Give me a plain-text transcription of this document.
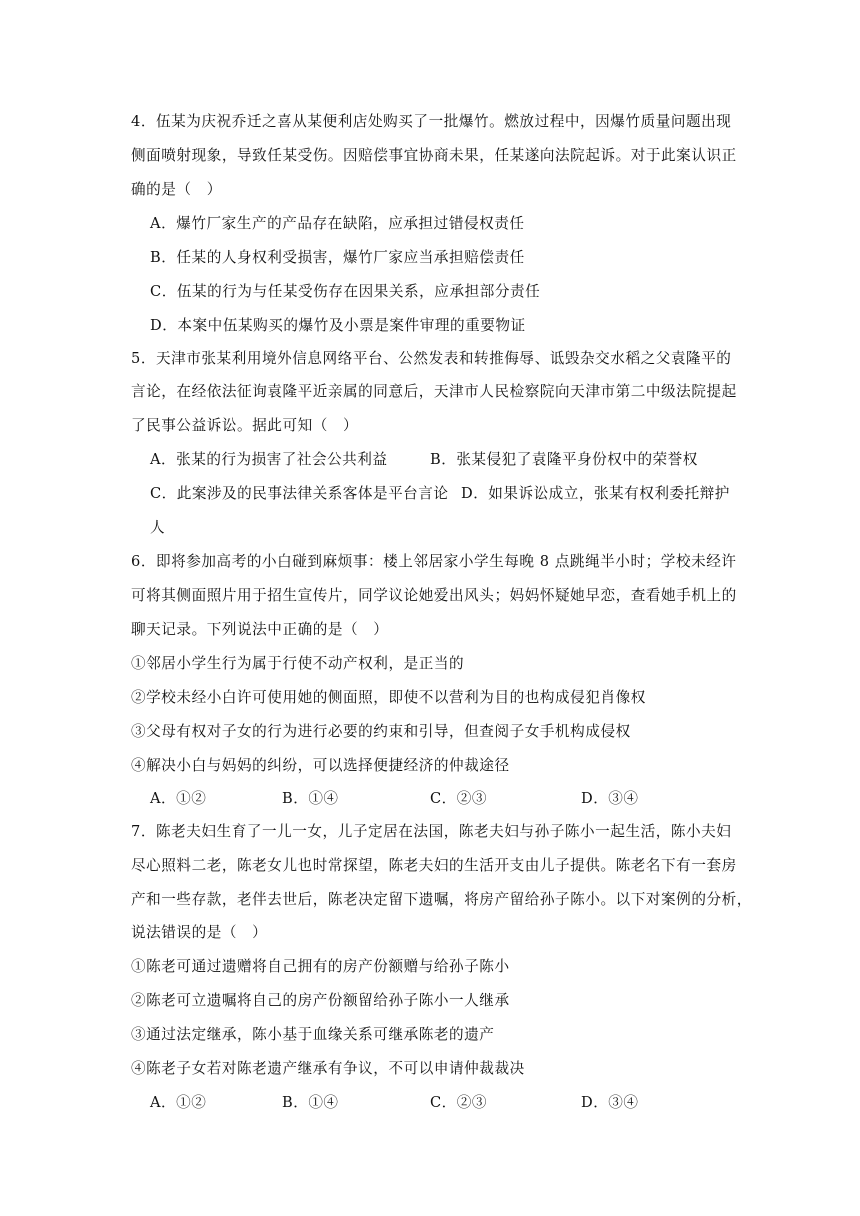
4．伍某为庆祝乔迁之喜从某便利店处购买了一批爆竹。燃放过程中，因爆竹质量问题出现
侧面喷射现象，导致任某受伤。因赔偿事宜协商未果，任某遂向法院起诉。对于此案认识正
确的是（　）
A．爆竹厂家生产的产品存在缺陷，应承担过错侵权责任
B．任某的人身权利受损害，爆竹厂家应当承担赔偿责任
C．伍某的行为与任某受伤存在因果关系，应承担部分责任
D．本案中伍某购买的爆竹及小票是案件审理的重要物证
5．天津市张某利用境外信息网络平台、公然发表和转推侮辱、诋毁杂交水稻之父袁隆平的
言论，在经依法征询袁隆平近亲属的同意后，天津市人民检察院向天津市第二中级法院提起
了民事公益诉讼。据此可知（　）
A．张某的行为损害了社会公共利益	B．张某侵犯了袁隆平身份权中的荣誉权
C．此案涉及的民事法律关系客体是平台言论 D．如果诉讼成立，张某有权利委托辩护
人
6．即将参加高考的小白碰到麻烦事：楼上邻居家小学生每晚 8 点跳绳半小时；学校未经许
可将其侧面照片用于招生宣传片，同学议论她爱出风头；妈妈怀疑她早恋，查看她手机上的
聊天记录。下列说法中正确的是（　）
①邻居小学生行为属于行使不动产权利，是正当的
②学校未经小白许可使用她的侧面照，即使不以营利为目的也构成侵犯肖像权
③父母有权对子女的行为进行必要的约束和引导，但查阅子女手机构成侵权
④解决小白与妈妈的纠纷，可以选择便捷经济的仲裁途径
A．①②	B．①④	C．②③	D．③④
7．陈老夫妇生育了一儿一女，儿子定居在法国，陈老夫妇与孙子陈小一起生活，陈小夫妇
尽心照料二老，陈老女儿也时常探望，陈老夫妇的生活开支由儿子提供。陈老名下有一套房
产和一些存款，老伴去世后，陈老决定留下遗嘱，将房产留给孙子陈小。以下对案例的分析，
说法错误的是（　）
①陈老可通过遗赠将自己拥有的房产份额赠与给孙子陈小
②陈老可立遗嘱将自己的房产份额留给孙子陈小一人继承
③通过法定继承，陈小基于血缘关系可继承陈老的遗产
④陈老子女若对陈老遗产继承有争议，不可以申请仲裁裁决
A．①②	B．①④	C．②③	D．③④
